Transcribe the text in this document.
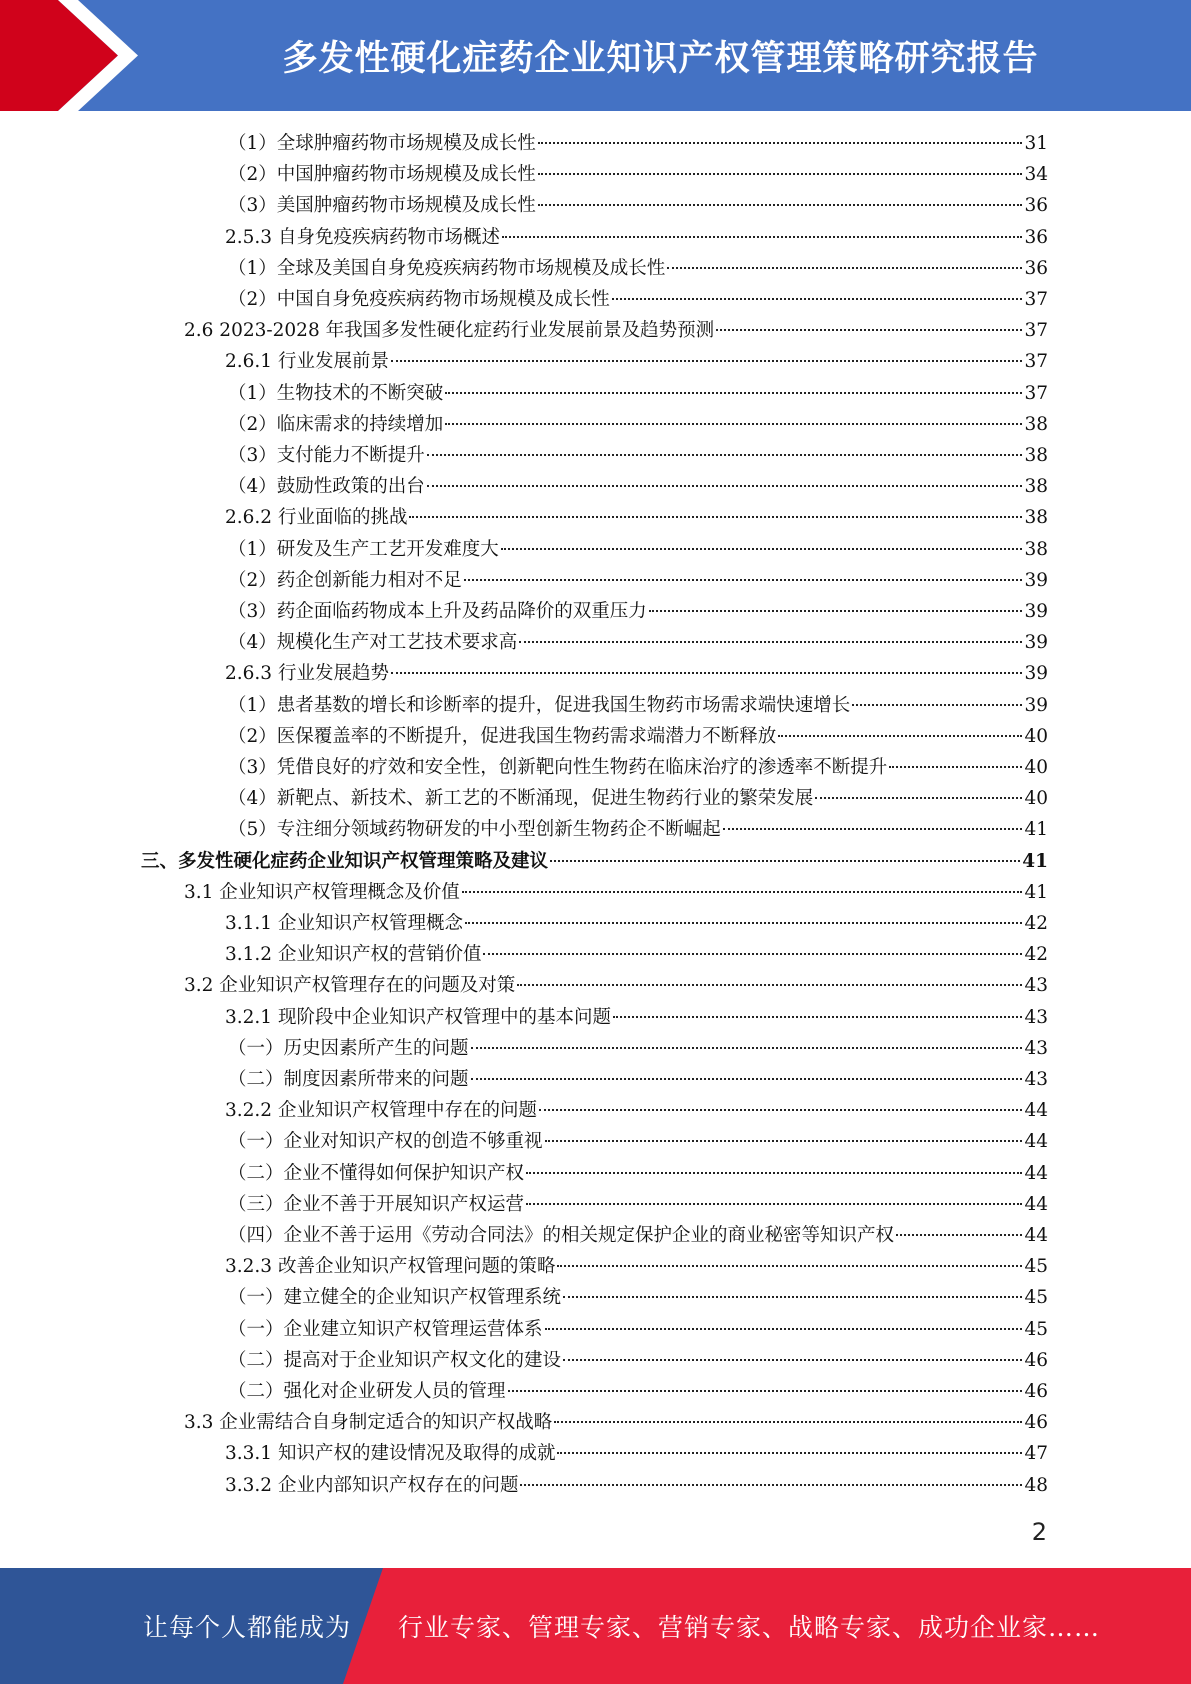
多发性硬化症药企业知识产权管理策略研究报告
（1）全球肿瘤药物市场规模及成长性	31
（2）中国肿瘤药物市场规模及成长性	34
（3）美国肿瘤药物市场规模及成长性	36
2.5.3 自身免疫疾病药物市场概述	36
（1）全球及美国自身免疫疾病药物市场规模及成长性	36
（2）中国自身免疫疾病药物市场规模及成长性	37
2.6 2023-2028 年我国多发性硬化症药行业发展前景及趋势预测	37
2.6.1 行业发展前景	37
（1）生物技术的不断突破	37
（2）临床需求的持续增加	38
（3）支付能力不断提升	38
（4）鼓励性政策的出台	38
2.6.2 行业面临的挑战	38
（1）研发及生产工艺开发难度大	38
（2）药企创新能力相对不足	39
（3）药企面临药物成本上升及药品降价的双重压力	39
（4）规模化生产对工艺技术要求高	39
2.6.3 行业发展趋势	39
（1）患者基数的增长和诊断率的提升，促进我国生物药市场需求端快速增长	39
（2）医保覆盖率的不断提升，促进我国生物药需求端潜力不断释放	40
（3）凭借良好的疗效和安全性，创新靶向性生物药在临床治疗的渗透率不断提升	40
（4）新靶点、新技术、新工艺的不断涌现，促进生物药行业的繁荣发展	40
（5）专注细分领域药物研发的中小型创新生物药企不断崛起	41
三、多发性硬化症药企业知识产权管理策略及建议	41
3.1 企业知识产权管理概念及价值	41
3.1.1 企业知识产权管理概念	42
3.1.2 企业知识产权的营销价值	42
3.2 企业知识产权管理存在的问题及对策	43
3.2.1 现阶段中企业知识产权管理中的基本问题	43
（一）历史因素所产生的问题	43
（二）制度因素所带来的问题	43
3.2.2 企业知识产权管理中存在的问题	44
（一）企业对知识产权的创造不够重视	44
（二）企业不懂得如何保护知识产权	44
（三）企业不善于开展知识产权运营	44
（四）企业不善于运用《劳动合同法》的相关规定保护企业的商业秘密等知识产权	44
3.2.3 改善企业知识产权管理问题的策略	45
（一）建立健全的企业知识产权管理系统	45
（一）企业建立知识产权管理运营体系	45
（二）提高对于企业知识产权文化的建设	46
（二）强化对企业研发人员的管理	46
3.3 企业需结合自身制定适合的知识产权战略	46
3.3.1 知识产权的建设情况及取得的成就	47
3.3.2 企业内部知识产权存在的问题	48
2
让每个人都能成为 行业专家、管理专家、营销专家、战略专家、成功企业家……
